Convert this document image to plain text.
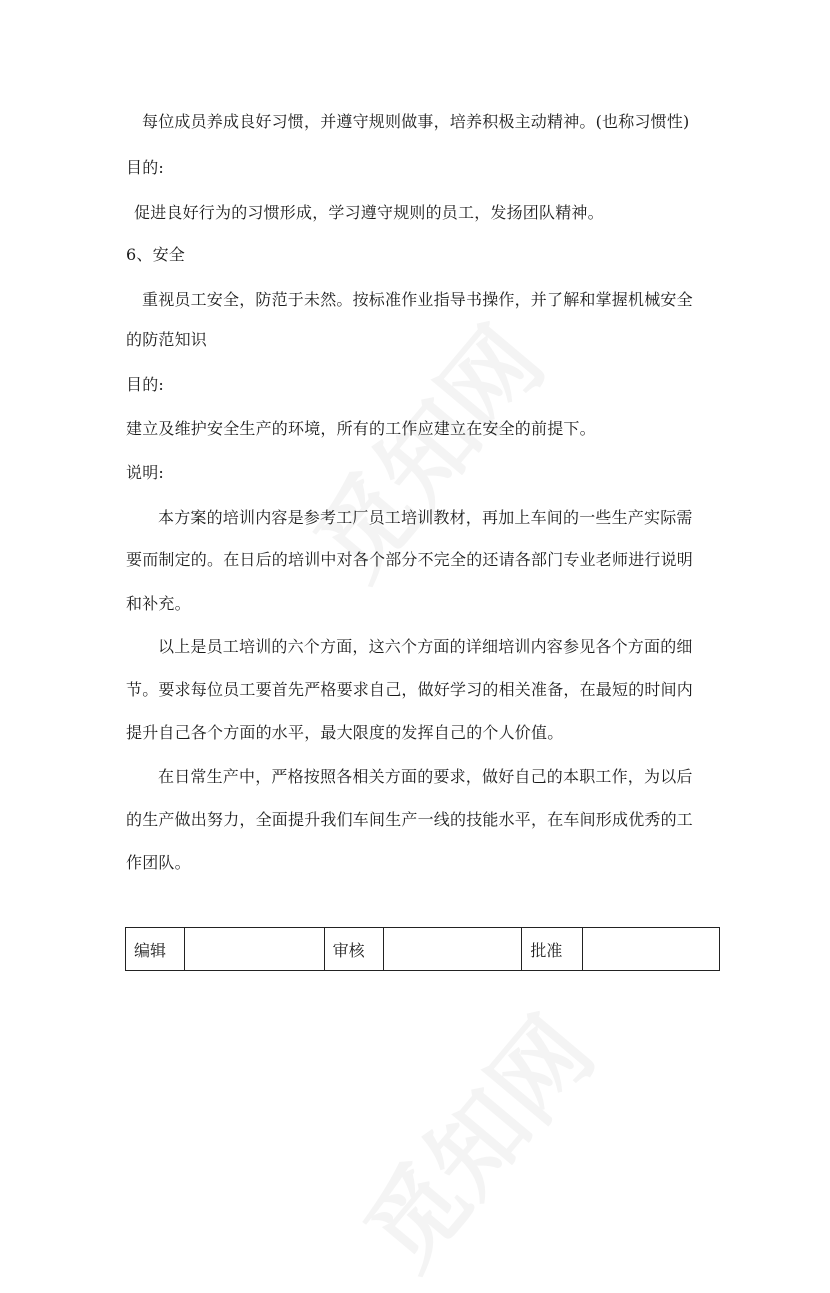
每位成员养成良好习惯，并遵守规则做事，培养积极主动精神。(也称习惯性)
目的:
促进良好行为的习惯形成，学习遵守规则的员工，发扬团队精神。
6、安全
重视员工安全，防范于未然。按标准作业指导书操作，并了解和掌握机械安全
的防范知识
目的:
建立及维护安全生产的环境，所有的工作应建立在安全的前提下。
说明:
本方案的培训内容是参考工厂员工培训教材，再加上车间的一些生产实际需
要而制定的。在日后的培训中对各个部分不完全的还请各部门专业老师进行说明
和补充。
以上是员工培训的六个方面，这六个方面的详细培训内容参见各个方面的细
节。要求每位员工要首先严格要求自己，做好学习的相关准备，在最短的时间内
提升自己各个方面的水平，最大限度的发挥自己的个人价值。
在日常生产中，严格按照各相关方面的要求，做好自己的本职工作，为以后
的生产做出努力，全面提升我们车间生产一线的技能水平，在车间形成优秀的工
作团队。
编辑		审核		批准	
